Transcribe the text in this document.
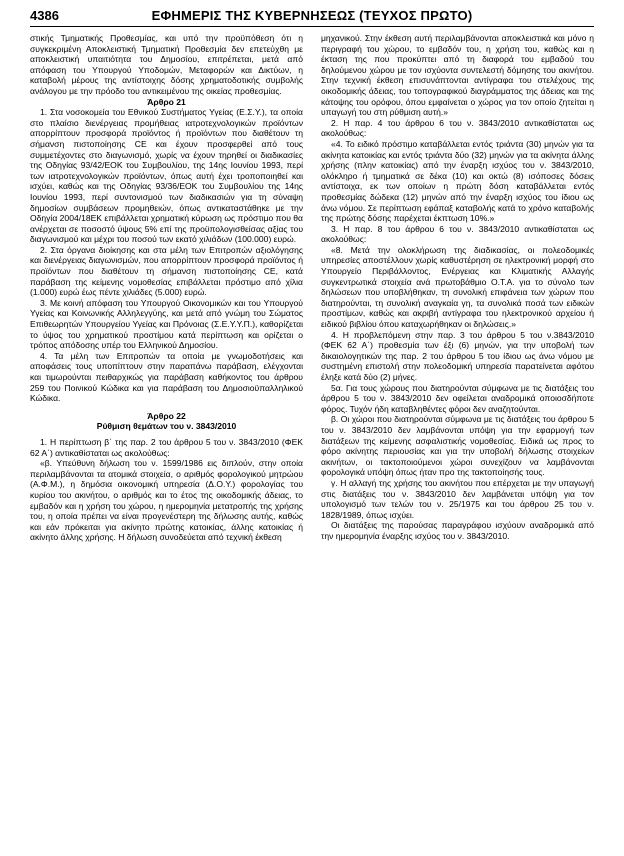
4386	ΕΦΗΜΕΡΙΣ ΤΗΣ ΚΥΒΕΡΝΗΣΕΩΣ (ΤΕΥΧΟΣ ΠΡΩΤΟ)

στικής Τμηματικής Προθεσμίας, και υπό την προϋπόθεση ότι η συγκεκριμένη Αποκλειστική Τμηματική Προθεσμία δεν επετεύχθη με αποκλειστική υπαιτιότητα του Δημοσίου, επιτρέπεται, μετά από απόφαση του Υπουργού Υποδομών, Μεταφορών και Δικτύων, η καταβολή μέρους της αντίστοιχης δόσης χρηματοδοτικής συμβολής ανάλογου με την πρόοδο του αντικειμένου της οικείας προθεσμίας.

Άρθρο 21

1. Στα νοσοκομεία του Εθνικού Συστήματος Υγείας (Ε.Σ.Υ.), τα οποία στο πλαίσιο διενέργειας προμήθειας ιατροτεχνολογικών προϊόντων απορρίπτουν προσφορά προϊόντος ή προϊόντων που διαθέτουν τη σήμανση πιστοποίησης CE και έχουν προσφερθεί από τους συμμετέχοντες στο διαγωνισμό, χωρίς να έχουν τηρηθεί οι διαδικασίες της Οδηγίας 93/42/ΕΟΚ του Συμβουλίου, της 14ης Ιουνίου 1993, περί των ιατροτεχνολογικών προϊόντων, όπως αυτή έχει τροποποιηθεί και ισχύει, καθώς και της Οδηγίας 93/36/ΕΟΚ του Συμβουλίου της 14ης Ιουνίου 1993, περί συντονισμού των διαδικασιών για τη σύναψη δημοσίων συμβάσεων προμηθειών, όπως αντικαταστάθηκε με την Οδηγία 2004/18ΕΚ επιβάλλεται χρηματική κύρωση ως πρόστιμο που θα ανέρχεται σε ποσοστό ύψους 5% επί της προϋπολογισθείσας αξίας του διαγωνισμού και μέχρι του ποσού των εκατό χιλιάδων (100.000) ευρώ.

2. Στα όργανα διοίκησης και στα μέλη των Επιτροπών αξιολόγησης και διενέργειας διαγωνισμών, που απορρίπτουν προσφορά προϊόντος ή προϊόντων που διαθέτουν τη σήμανση πιστοποίησης CE, κατά παράβαση της κείμενης νομοθεσίας επιβάλλεται πρόστιμο από χίλια (1.000) ευρώ έως πέντε χιλιάδες (5.000) ευρώ.

3. Με κοινή απόφαση του Υπουργού Οικονομικών και του Υπουργού Υγείας και Κοινωνικής Αλληλεγγύης, και μετά από γνώμη του Σώματος Επιθεωρητών Υπουργείου Υγείας και Πρόνοιας (Σ.Ε.Υ.Υ.Π.), καθορίζεται το ύψος του χρηματικού προστίμου κατά περίπτωση και ορίζεται ο τρόπος απόδοσης υπέρ του Ελληνικού Δημοσίου.

4. Τα μέλη των Επιτροπών τα οποία με γνωμοδοτήσεις και αποφάσεις τους υποπίπτουν στην παραπάνω παράβαση, ελέγχονται και τιμωρούνται πειθαρχικώς για παράβαση καθήκοντος του άρθρου 259 του Ποινικού Κώδικα και για παράβαση του Δημοσιοϋπαλληλικού Κώδικα.

Άρθρο 22
Ρύθμιση θεμάτων του ν. 3843/2010

1. Η περίπτωση β΄ της παρ. 2 του άρθρου 5 του ν. 3843/2010 (ΦΕΚ 62 Α΄) αντικαθίσταται ως ακολούθως:

«β. Υπεύθυνη δήλωση του ν. 1599/1986 εις διπλούν, στην οποία περιλαμβάνονται τα ατομικά στοιχεία, ο αριθμός φορολογικού μητρώου (Α.Φ.Μ.), η δημόσια οικονομική υπηρεσία (Δ.Ο.Υ.) φορολογίας του κυρίου του ακινήτου, ο αριθμός και το έτος της οικοδομικής άδειας, το εμβαδόν και η χρήση του χώρου, η ημερομηνία μετατροπής της χρήσης του, η οποία πρέπει να είναι προγενέστερη της δήλωσης αυτής, καθώς και εάν πρόκειται για ακίνητο πρώτης κατοικίας, άλλης κατοικίας ή ακίνητο άλλης χρήσης. Η δήλωση συνοδεύεται από τεχνική έκθεση

μηχανικού. Στην έκθεση αυτή περιλαμβάνονται αποκλειστικά και μόνο η περιγραφή του χώρου, το εμβαδόν του, η χρήση του, καθώς και η έκταση της που προκύπτει από τη διαφορά του εμβαδού του δηλούμενου χώρου με τον ισχύοντα συντελεστή δόμησης του ακινήτου. Στην τεχνική έκθεση επισυνάπτονται αντίγραφα του στελέχους της οικοδομικής άδειας, του τοπογραφικού διαγράμματος της άδειας και της κάτοψης του ορόφου, όπου εμφαίνεται ο χώρος για τον οποίο ζητείται η υπαγωγή του στη ρύθμιση αυτή.»

2. Η παρ. 4 του άρθρου 6 του ν. 3843/2010 αντικαθίσταται ως ακολούθως:

«4. Το ειδικό πρόστιμο καταβάλλεται εντός τριάντα (30) μηνών για τα ακίνητα κατοικίας και εντός τριάντα δύο (32) μηνών για τα ακίνητα άλλης χρήσης (πλην κατοικίας) από την έναρξη ισχύος του ν. 3843/2010, ολόκληρο ή τμηματικά σε δέκα (10) και οκτώ (8) ισόποσες δόσεις αντίστοιχα, εκ των οποίων η πρώτη δόση καταβάλλεται εντός προθεσμίας δώδεκα (12) μηνών από την έναρξη ισχύος του ίδιου ως άνω νόμου. Σε περίπτωση εφάπαξ καταβολής κατά το χρόνο καταβολής της πρώτης δόσης παρέχεται έκπτωση 10%.»

3. Η παρ. 8 του άρθρου 6 του ν. 3843/2010 αντικαθίσταται ως ακολούθως:

«8. Μετά την ολοκλήρωση της διαδικασίας, οι πολεοδομικές υπηρεσίες αποστέλλουν χωρίς καθυστέρηση σε ηλεκτρονική μορφή στο Υπουργείο Περιβάλλοντος, Ενέργειας και Κλιματικής Αλλαγής συγκεντρωτικά στοιχεία ανά πρωτοβάθμιο Ο.Τ.Α. για το σύνολο των δηλώσεων που υποβλήθηκαν, τη συνολική επιφάνεια των χώρων που διατηρούνται, τη συνολική αναγκαία γη, τα συνολικά ποσά των ειδικών προστίμων, καθώς και ακριβή αντίγραφα του ηλεκτρονικού αρχείου ή ειδικού βιβλίου όπου καταχωρήθηκαν οι δηλώσεις.»

4. Η προβλεπόμενη στην παρ. 3 του άρθρου 5 του ν.3843/2010 (ΦΕΚ 62 Α΄) προθεσμία των έξι (6) μηνών, για την υποβολή των δικαιολογητικών της παρ. 2 του άρθρου 5 του ίδιου ως άνω νόμου με συστημένη επιστολή στην πολεοδομική υπηρεσία παρατείνεται αφότου έληξε κατά δύο (2) μήνες.

5α. Για τους χώρους που διατηρούνται σύμφωνα με τις διατάξεις του άρθρου 5 του ν. 3843/2010 δεν οφείλεται αναδρομικά οποιοσδήποτε φόρος. Τυχόν ήδη καταβληθέντες φόροι δεν αναζητούνται.

β. Οι χώροι που διατηρούνται σύμφωνα με τις διατάξεις του άρθρου 5 του ν. 3843/2010 δεν λαμβάνονται υπόψη για την εφαρμογή των διατάξεων της κείμενης ασφαλιστικής νομοθεσίας. Ειδικά ως προς το φόρο ακίνητης περιουσίας και για την υποβολή δήλωσης στοιχείων ακινήτων, οι τακτοποιούμενοι χώροι συνεχίζουν να λαμβάνονται φορολογικά υπόψη όπως ήταν προ της τακτοποίησής τους.

γ. Η αλλαγή της χρήσης του ακινήτου που επέρχεται με την υπαγωγή στις διατάξεις του ν. 3843/2010 δεν λαμβάνεται υπόψη για τον υπολογισμό των τελών του ν. 25/1975 και του άρθρου 25 του ν. 1828/1989, όπως ισχύει.

Οι διατάξεις της παρούσας παραγράφου ισχύουν αναδρομικά από την ημερομηνία έναρξης ισχύος του ν. 3843/2010.
